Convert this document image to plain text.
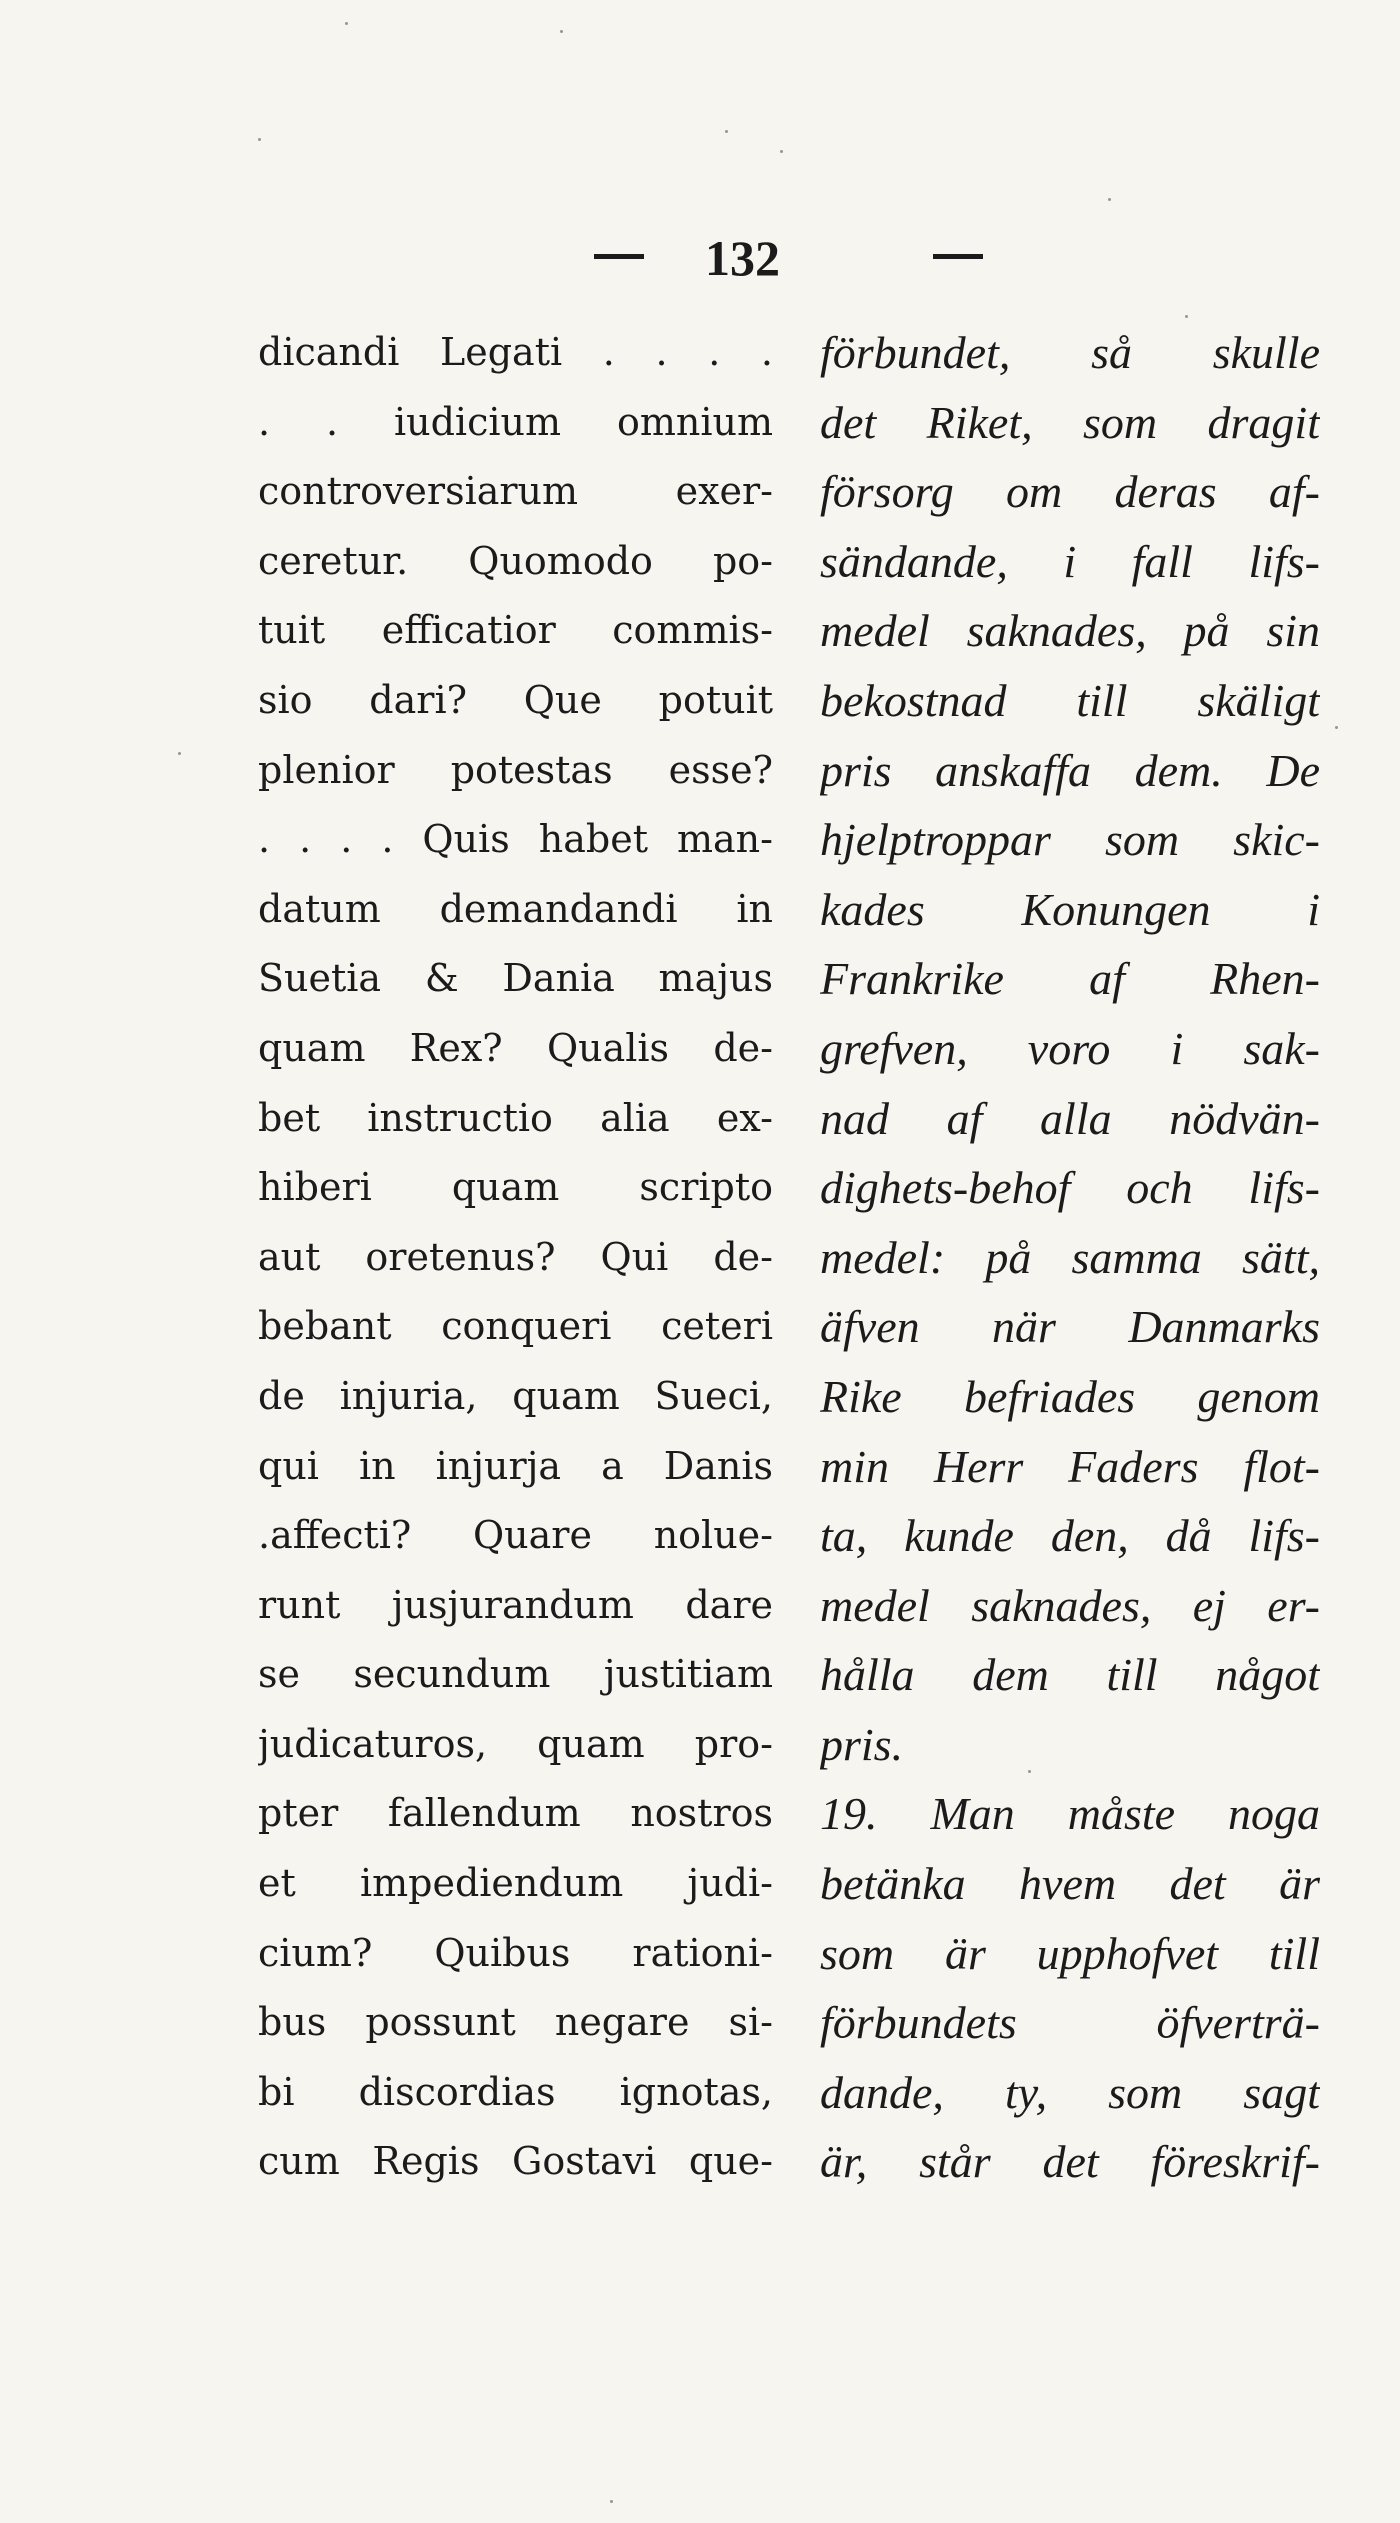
132
dicandi Legati . . . .
. . iudicium omnium
controversiarum exer-
ceretur. Quomodo po-
tuit efficatior commis-
sio dari? Que potuit
plenior potestas esse?
. . . . Quis habet man-
datum demandandi in
Suetia & Dania majus
quam Rex? Qualis de-
bet instructio alia ex-
hiberi quam scripto
aut oretenus? Qui de-
bebant conqueri ceteri
de injuria, quam Sueci,
qui in injurja a Danis
.affecti? Quare nolue-
runt jusjurandum dare
se secundum justitiam
judicaturos, quam pro-
pter fallendum nostros
et impediendum judi-
cium? Quibus rationi-
bus possunt negare si-
bi discordias ignotas,
cum Regis Gostavi que-
förbundet, så skulle
det Riket, som dragit
försorg om deras af-
sändande, i fall lifs-
medel saknades, på sin
bekostnad till skäligt
pris anskaffa dem. De
hjelptroppar som skic-
kades Konungen i
Frankrike af Rhen-
grefven, voro i sak-
nad af alla nödvän-
dighets-behof och lifs-
medel: på samma sätt,
äfven när Danmarks
Rike befriades genom
min Herr Faders flot-
ta, kunde den, då lifs-
medel saknades, ej er-
hålla dem till något
pris.
19. Man måste noga
betänka hvem det är
som är upphofvet till
förbundets öfverträ-
dande, ty, som sagt
är, står det föreskrif-
